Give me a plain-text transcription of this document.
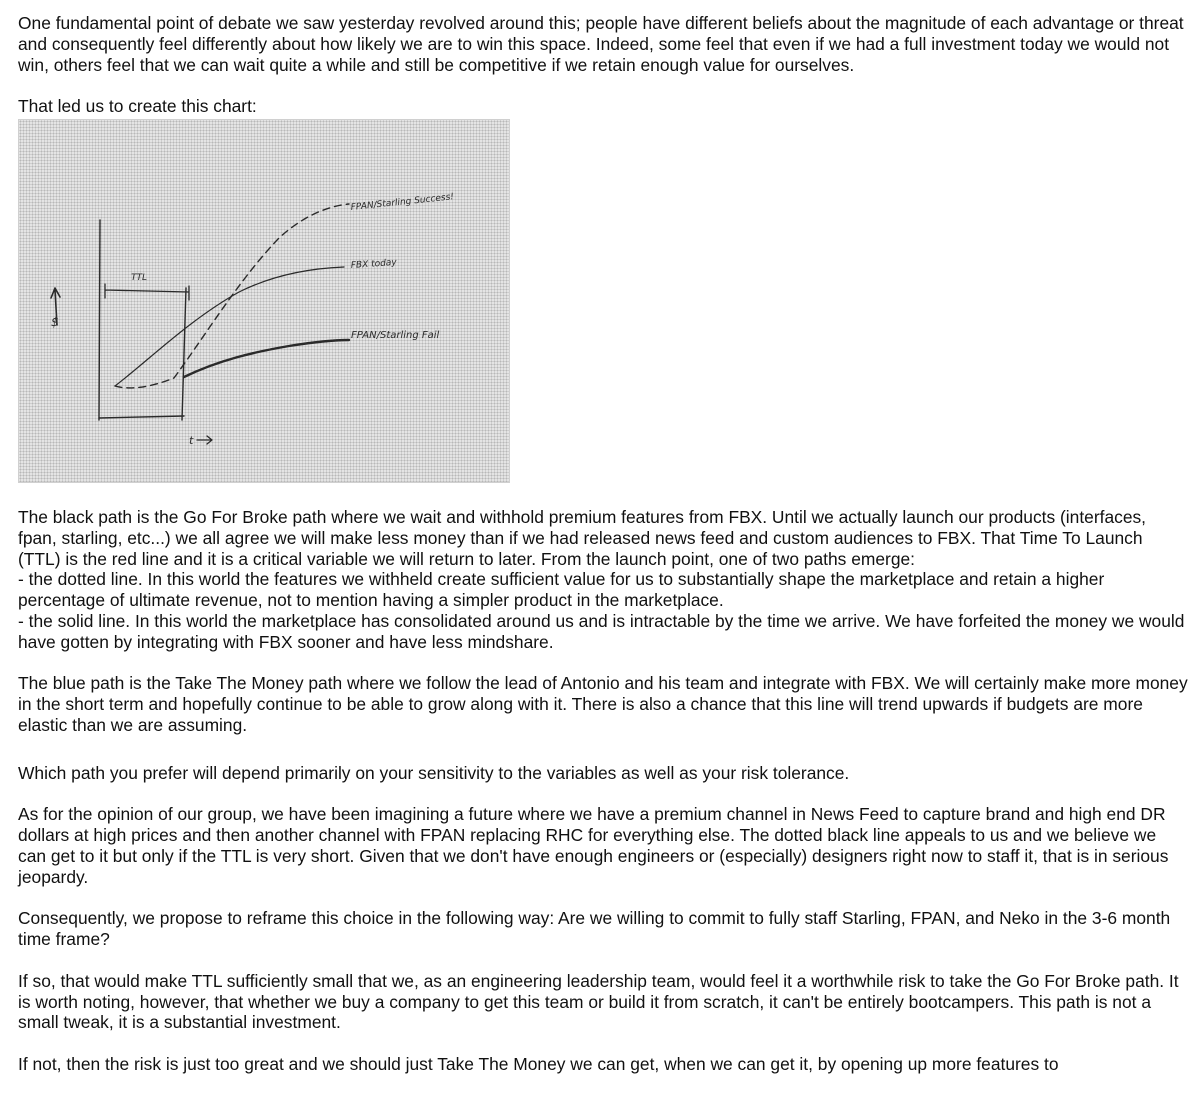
One fundamental point of debate we saw yesterday revolved around this; people have different beliefs about the magnitude of each advantage or threat and consequently feel differently about how likely we are to win this space. Indeed, some feel that even if we had a full investment today we would not win, others feel that we can wait quite a while and still be competitive if we retain enough value for ourselves.

That led us to create this chart:

FPAN/Starling Success!
FBX today
FPAN/Starling Fail
TTL
$
t

The black path is the Go For Broke path where we wait and withhold premium features from FBX. Until we actually launch our products (interfaces, fpan, starling, etc...) we all agree we will make less money than if we had released news feed and custom audiences to FBX. That Time To Launch (TTL) is the red line and it is a critical variable we will return to later. From the launch point, one of two paths emerge:

- the dotted line. In this world the features we withheld create sufficient value for us to substantially shape the marketplace and retain a higher percentage of ultimate revenue, not to mention having a simpler product in the marketplace.

- the solid line. In this world the marketplace has consolidated around us and is intractable by the time we arrive. We have forfeited the money we would have gotten by integrating with FBX sooner and have less mindshare.

The blue path is the Take The Money path where we follow the lead of Antonio and his team and integrate with FBX. We will certainly make more money in the short term and hopefully continue to be able to grow along with it. There is also a chance that this line will trend upwards if budgets are more elastic than we are assuming.

Which path you prefer will depend primarily on your sensitivity to the variables as well as your risk tolerance.

As for the opinion of our group, we have been imagining a future where we have a premium channel in News Feed to capture brand and high end DR dollars at high prices and then another channel with FPAN replacing RHC for everything else. The dotted black line appeals to us and we believe we can get to it but only if the TTL is very short. Given that we don't have enough engineers or (especially) designers right now to staff it, that is in serious jeopardy.

Consequently, we propose to reframe this choice in the following way: Are we willing to commit to fully staff Starling, FPAN, and Neko in the 3-6 month time frame?

If so, that would make TTL sufficiently small that we, as an engineering leadership team, would feel it a worthwhile risk to take the Go For Broke path. It is worth noting, however, that whether we buy a company to get this team or build it from scratch, it can't be entirely bootcampers. This path is not a small tweak, it is a substantial investment.

If not, then the risk is just too great and we should just Take The Money we can get, when we can get it, by opening up more features to
